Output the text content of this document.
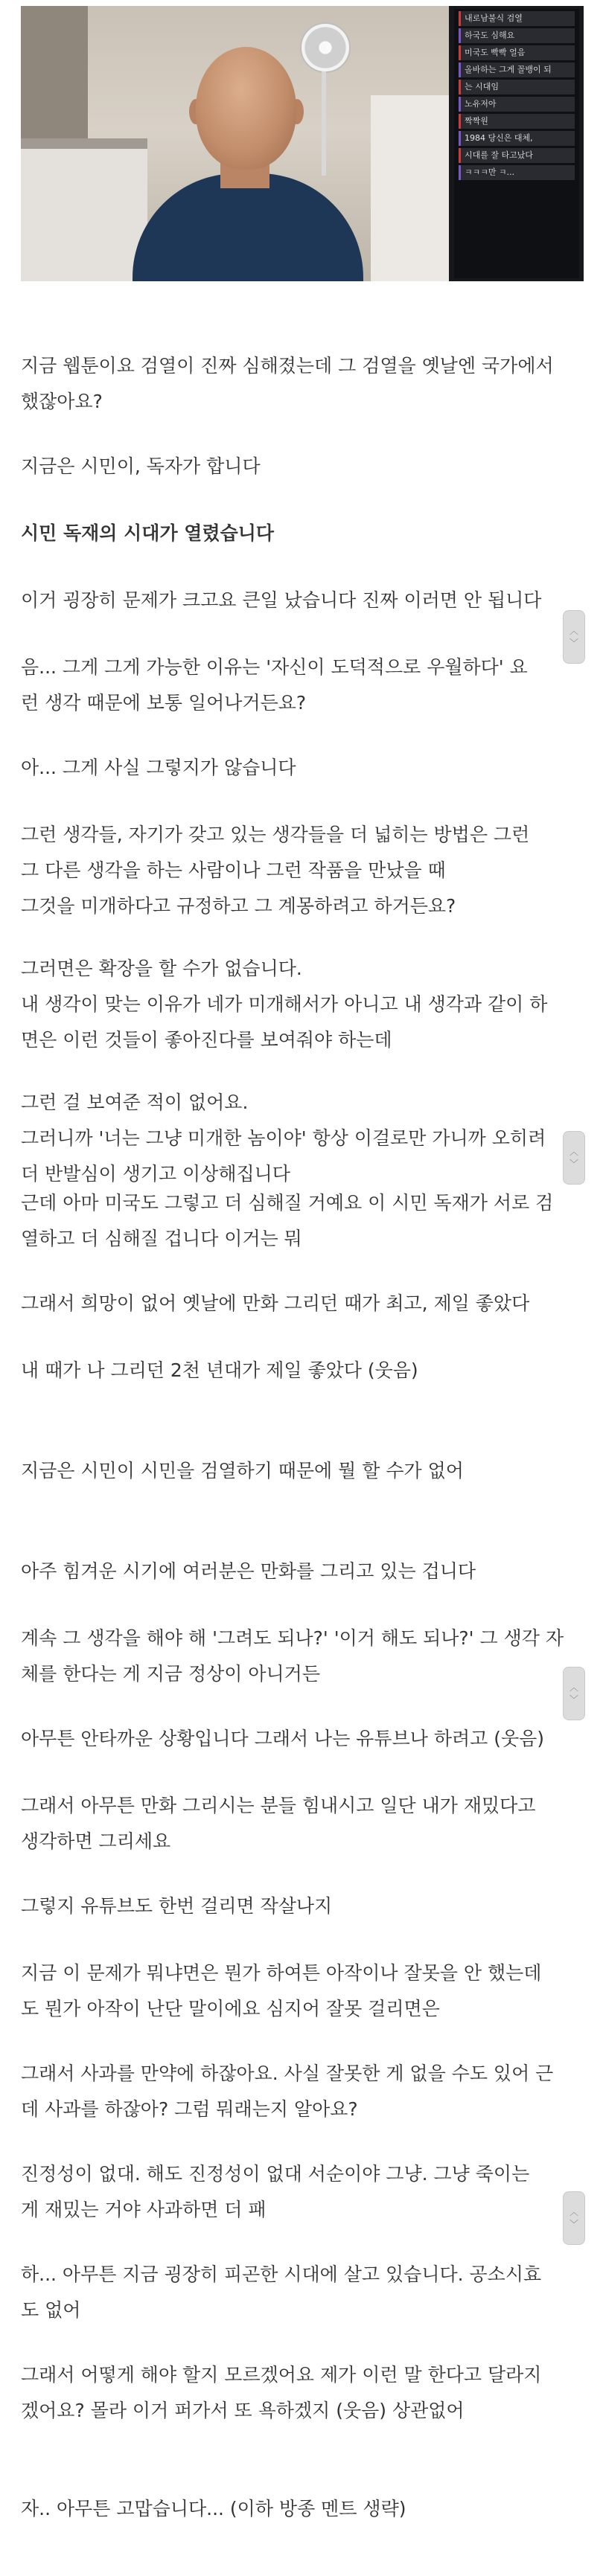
내로남불식 검열
하국도 심해요
미국도 빡빡 얼음
올바하는 그게 꼴뱅이 되
는 시대임
노유저아
짝짝원
1984 당신은 대체,
시대를 잘 타고났다
ㅋㅋㅋ만 ㅋ...

지금 웹툰이요 검열이 진짜 심해졌는데 그 검열을 옛날엔 국가에서
했잖아요?

지금은 시민이, 독자가 합니다

시민 독재의 시대가 열렸습니다

이거 굉장히 문제가 크고요 큰일 났습니다 진짜 이러면 안 됩니다

음... 그게 그게 가능한 이유는 '자신이 도덕적으로 우월하다' 요
런 생각 때문에 보통 일어나거든요?

아... 그게 사실 그렇지가 않습니다

그런 생각들, 자기가 갖고 있는 생각들을 더 넓히는 방법은 그런
그 다른 생각을 하는 사람이나 그런 작품을 만났을 때
그것을 미개하다고 규정하고 그 계몽하려고 하거든요?

그러면은 확장을 할 수가 없습니다.
내 생각이 맞는 이유가 네가 미개해서가 아니고 내 생각과 같이 하
면은 이런 것들이 좋아진다를 보여줘야 하는데

그런 걸 보여준 적이 없어요.
그러니까 '너는 그냥 미개한 놈이야' 항상 이걸로만 가니까 오히려
더 반발심이 생기고 이상해집니다

근데 아마 미국도 그렇고 더 심해질 거예요 이 시민 독재가 서로 검
열하고 더 심해질 겁니다 이거는 뭐

그래서 희망이 없어 옛날에 만화 그리던 때가 최고, 제일 좋았다

내 때가 나 그리던 2천 년대가 제일 좋았다 (웃음)

지금은 시민이 시민을 검열하기 때문에 뭘 할 수가 없어

아주 힘겨운 시기에 여러분은 만화를 그리고 있는 겁니다

계속 그 생각을 해야 해 '그려도 되나?' '이거 해도 되나?' 그 생각 자
체를 한다는 게 지금 정상이 아니거든

아무튼 안타까운 상황입니다 그래서 나는 유튜브나 하려고 (웃음)

그래서 아무튼 만화 그리시는 분들 힘내시고 일단 내가 재밌다고
생각하면 그리세요

그렇지 유튜브도 한번 걸리면 작살나지

지금 이 문제가 뭐냐면은 뭔가 하여튼 아작이나 잘못을 안 했는데
도 뭔가 아작이 난단 말이에요 심지어 잘못 걸리면은

그래서 사과를 만약에 하잖아요. 사실 잘못한 게 없을 수도 있어 근
데 사과를 하잖아? 그럼 뭐래는지 알아요?

진정성이 없대. 해도 진정성이 없대 서순이야 그냥. 그냥 죽이는
게 재밌는 거야 사과하면 더 패

하... 아무튼 지금 굉장히 피곤한 시대에 살고 있습니다. 공소시효
도 없어

그래서 어떻게 해야 할지 모르겠어요 제가 이런 말 한다고 달라지
겠어요? 몰라 이거 퍼가서 또 욕하겠지 (웃음) 상관없어

자.. 아무튼 고맙습니다... (이하 방종 멘트 생략)

︿
﹀
︿
﹀
︿
﹀
︿
﹀
